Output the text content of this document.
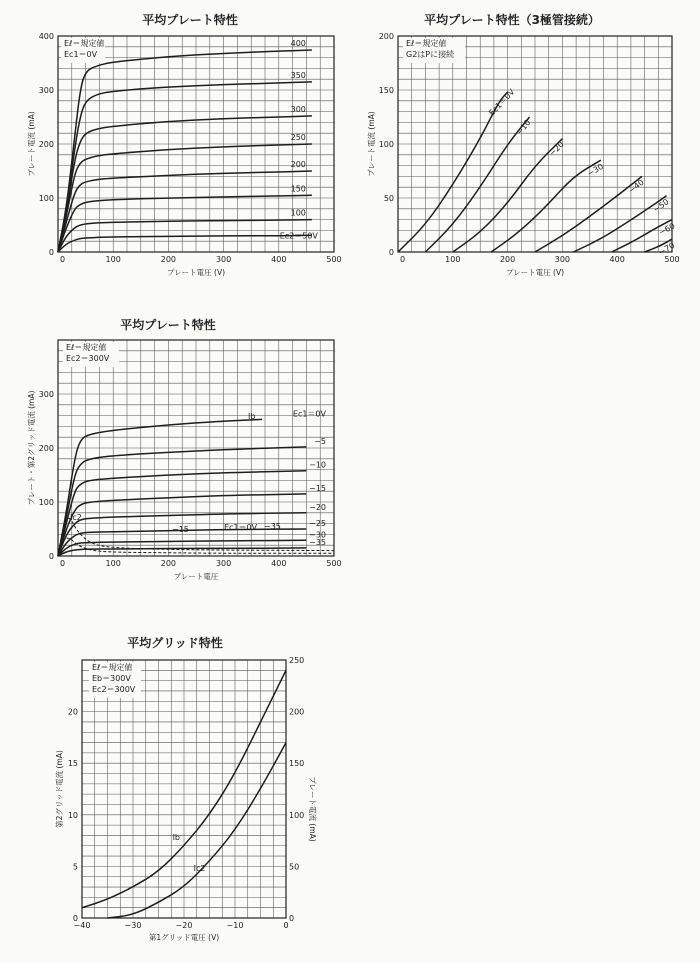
平均プレート特性
0	100	200	300	400	500
0
100
200
300
400
プレート電圧 (V)
プレート電流 (mA)
Eℓ＝規定値
Ec1＝0V
400
350
300
250
200
150
100
Ec2＝50V
平均プレート特性（3極管接続）
0	100	200	300	400	500
0
50
100
150
200
プレート電圧 (V)
プレート電流 (mA)
Eℓ＝規定値
G2はPに接続
Ec1＝0V
−10
−20
−30
−40
−50
−60
−70
平均プレート特性
0	100	200	300	400	500
0
100
200
300
プレート電圧
プレート・第2グリッド電流 (mA)
Eℓ＝規定値
Ec2＝300V
Ec1＝0V
−5
−10
−15
−20
−25
−30
−35
Ib
Ic2
−15	Ec1＝0V −35
平均グリッド特性
−40	−30	−20	−10	0
0
5
10
15
20
0
50
100
150
200
250
第1グリッド電圧 (V)
第2グリッド電流 (mA)	プレート電流 (mA)
Eℓ＝規定値
Eb＝300V
Ec2＝300V
Ib
Ic2
